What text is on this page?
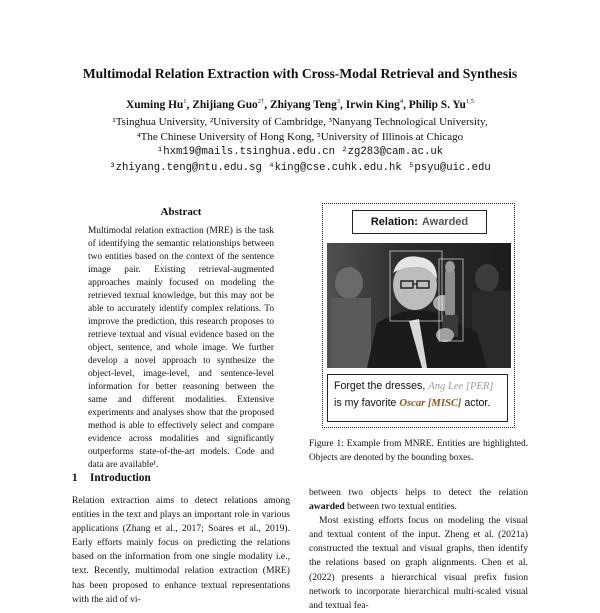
Multimodal Relation Extraction with Cross-Modal Retrieval and Synthesis
Xuming Hu$^1$, Zhijiang Guo$^{2\dagger}$, Zhiyang Teng$^3$, Irwin King$^4$, Philip S. Yu$^{1,5}$
¹Tsinghua University, ²University of Cambridge, ³Nanyang Technological University,
⁴The Chinese University of Hong Kong, ⁵University of Illinois at Chicago
¹hxm19@mails.tsinghua.edu.cn ²zg283@cam.ac.uk
³zhiyang.teng@ntu.edu.sg ⁴king@cse.cuhk.edu.hk ⁵psyu@uic.edu
Abstract

Multimodal relation extraction (MRE) is the task of identifying the semantic relationships between two entities based on the context of the sentence image pair. Existing retrieval-augmented approaches mainly focused on modeling the retrieved textual knowledge, but this may not be able to accurately identify complex relations. To improve the prediction, this research proposes to retrieve textual and visual evidence based on the object, sentence, and whole image. We further develop a novel approach to synthesize the object-level, image-level, and sentence-level information for better reasoning between the same and different modalities. Extensive experiments and analyses show that the proposed method is able to effectively select and compare evidence across modalities and significantly outperforms state-of-the-art models. Code and data are available¹.

1 Introduction

Relation extraction aims to detect relations among entities in the text and plays an important role in various applications (Zhang et al., 2017; Soares et al., 2019). Early efforts mainly focus on predicting the relations based on the information from one single modality i.e., text. Recently, multimodal relation extraction (MRE) has been proposed to enhance textual representations with the aid of vi-

Relation: Awarded
Forget the dresses, Ang Lee [PER]
is my favorite Oscar [MISC] actor.
Figure 1: Example from MNRE. Entities are highlighted. Objects are denoted by the bounding boxes.

between two objects helps to detect the relation awarded between two textual entities.

Most existing efforts focus on modeling the visual and textual content of the input. Zheng et al. (2021a) constructed the textual and visual graphs, then identify the relations based on graph alignments. Chen et al. (2022) presents a hierarchical visual prefix fusion network to incorporate hierarchical multi-scaled visual and textual fea-
